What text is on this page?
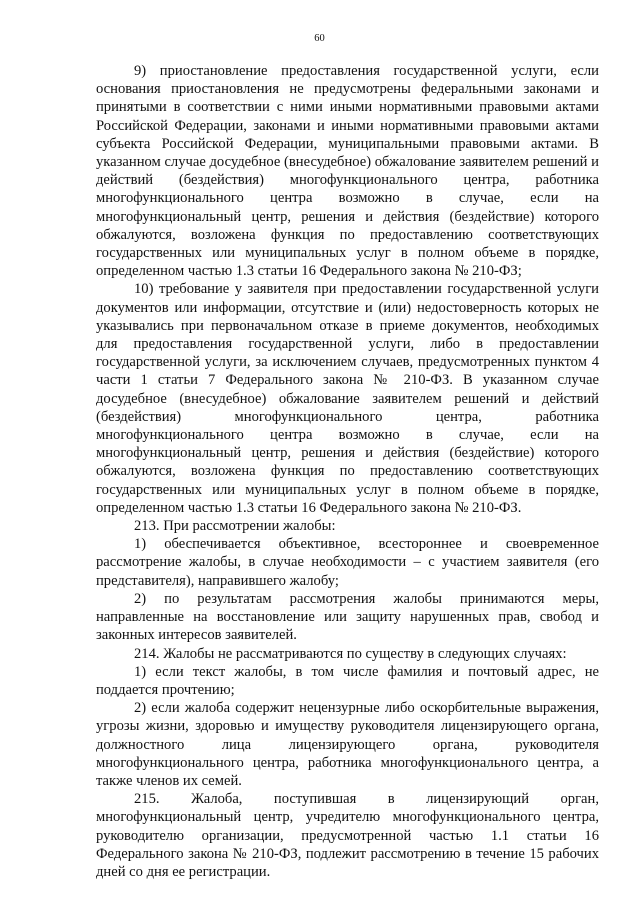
60

9) приостановление предоставления государственной услуги, если основания приостановления не предусмотрены федеральными законами и принятыми в соответствии с ними иными нормативными правовыми актами Российской Федерации, законами и иными нормативными правовыми актами субъекта Российской Федерации, муниципальными правовыми актами. В указанном случае досудебное (внесудебное) обжалование заявителем решений и действий (бездействия) многофункционального центра, работника многофункционального центра возможно в случае, если на многофункциональный центр, решения и действия (бездействие) которого обжалуются, возложена функция по предоставлению соответствующих государственных или муниципальных услуг в полном объеме в порядке, определенном частью 1.3 статьи 16 Федерального закона № 210-ФЗ;

10) требование у заявителя при предоставлении государственной услуги документов или информации, отсутствие и (или) недостоверность которых не указывались при первоначальном отказе в приеме документов, необходимых для предоставления государственной услуги, либо в предоставлении государственной услуги, за исключением случаев, предусмотренных пунктом 4 части 1 статьи 7 Федерального закона № 210-ФЗ. В указанном случае досудебное (внесудебное) обжалование заявителем решений и действий (бездействия) многофункционального центра, работника многофункционального центра возможно в случае, если на многофункциональный центр, решения и действия (бездействие) которого обжалуются, возложена функция по предоставлению соответствующих государственных или муниципальных услуг в полном объеме в порядке, определенном частью 1.3 статьи 16 Федерального закона № 210-ФЗ.

213. При рассмотрении жалобы:

1) обеспечивается объективное, всестороннее и своевременное рассмотрение жалобы, в случае необходимости – с участием заявителя (его представителя), направившего жалобу;

2) по результатам рассмотрения жалобы принимаются меры, направленные на восстановление или защиту нарушенных прав, свобод и законных интересов заявителей.

214. Жалобы не рассматриваются по существу в следующих случаях:

1) если текст жалобы, в том числе фамилия и почтовый адрес, не поддается прочтению;

2) если жалоба содержит нецензурные либо оскорбительные выражения, угрозы жизни, здоровью и имуществу руководителя лицензирующего органа, должностного лица лицензирующего органа, руководителя многофункционального центра, работника многофункционального центра, а также членов их семей.

215. Жалоба, поступившая в лицензирующий орган, многофункциональный центр, учредителю многофункционального центра, руководителю организации, предусмотренной частью 1.1 статьи 16 Федерального закона № 210-ФЗ, подлежит рассмотрению в течение 15 рабочих дней со дня ее регистрации.
